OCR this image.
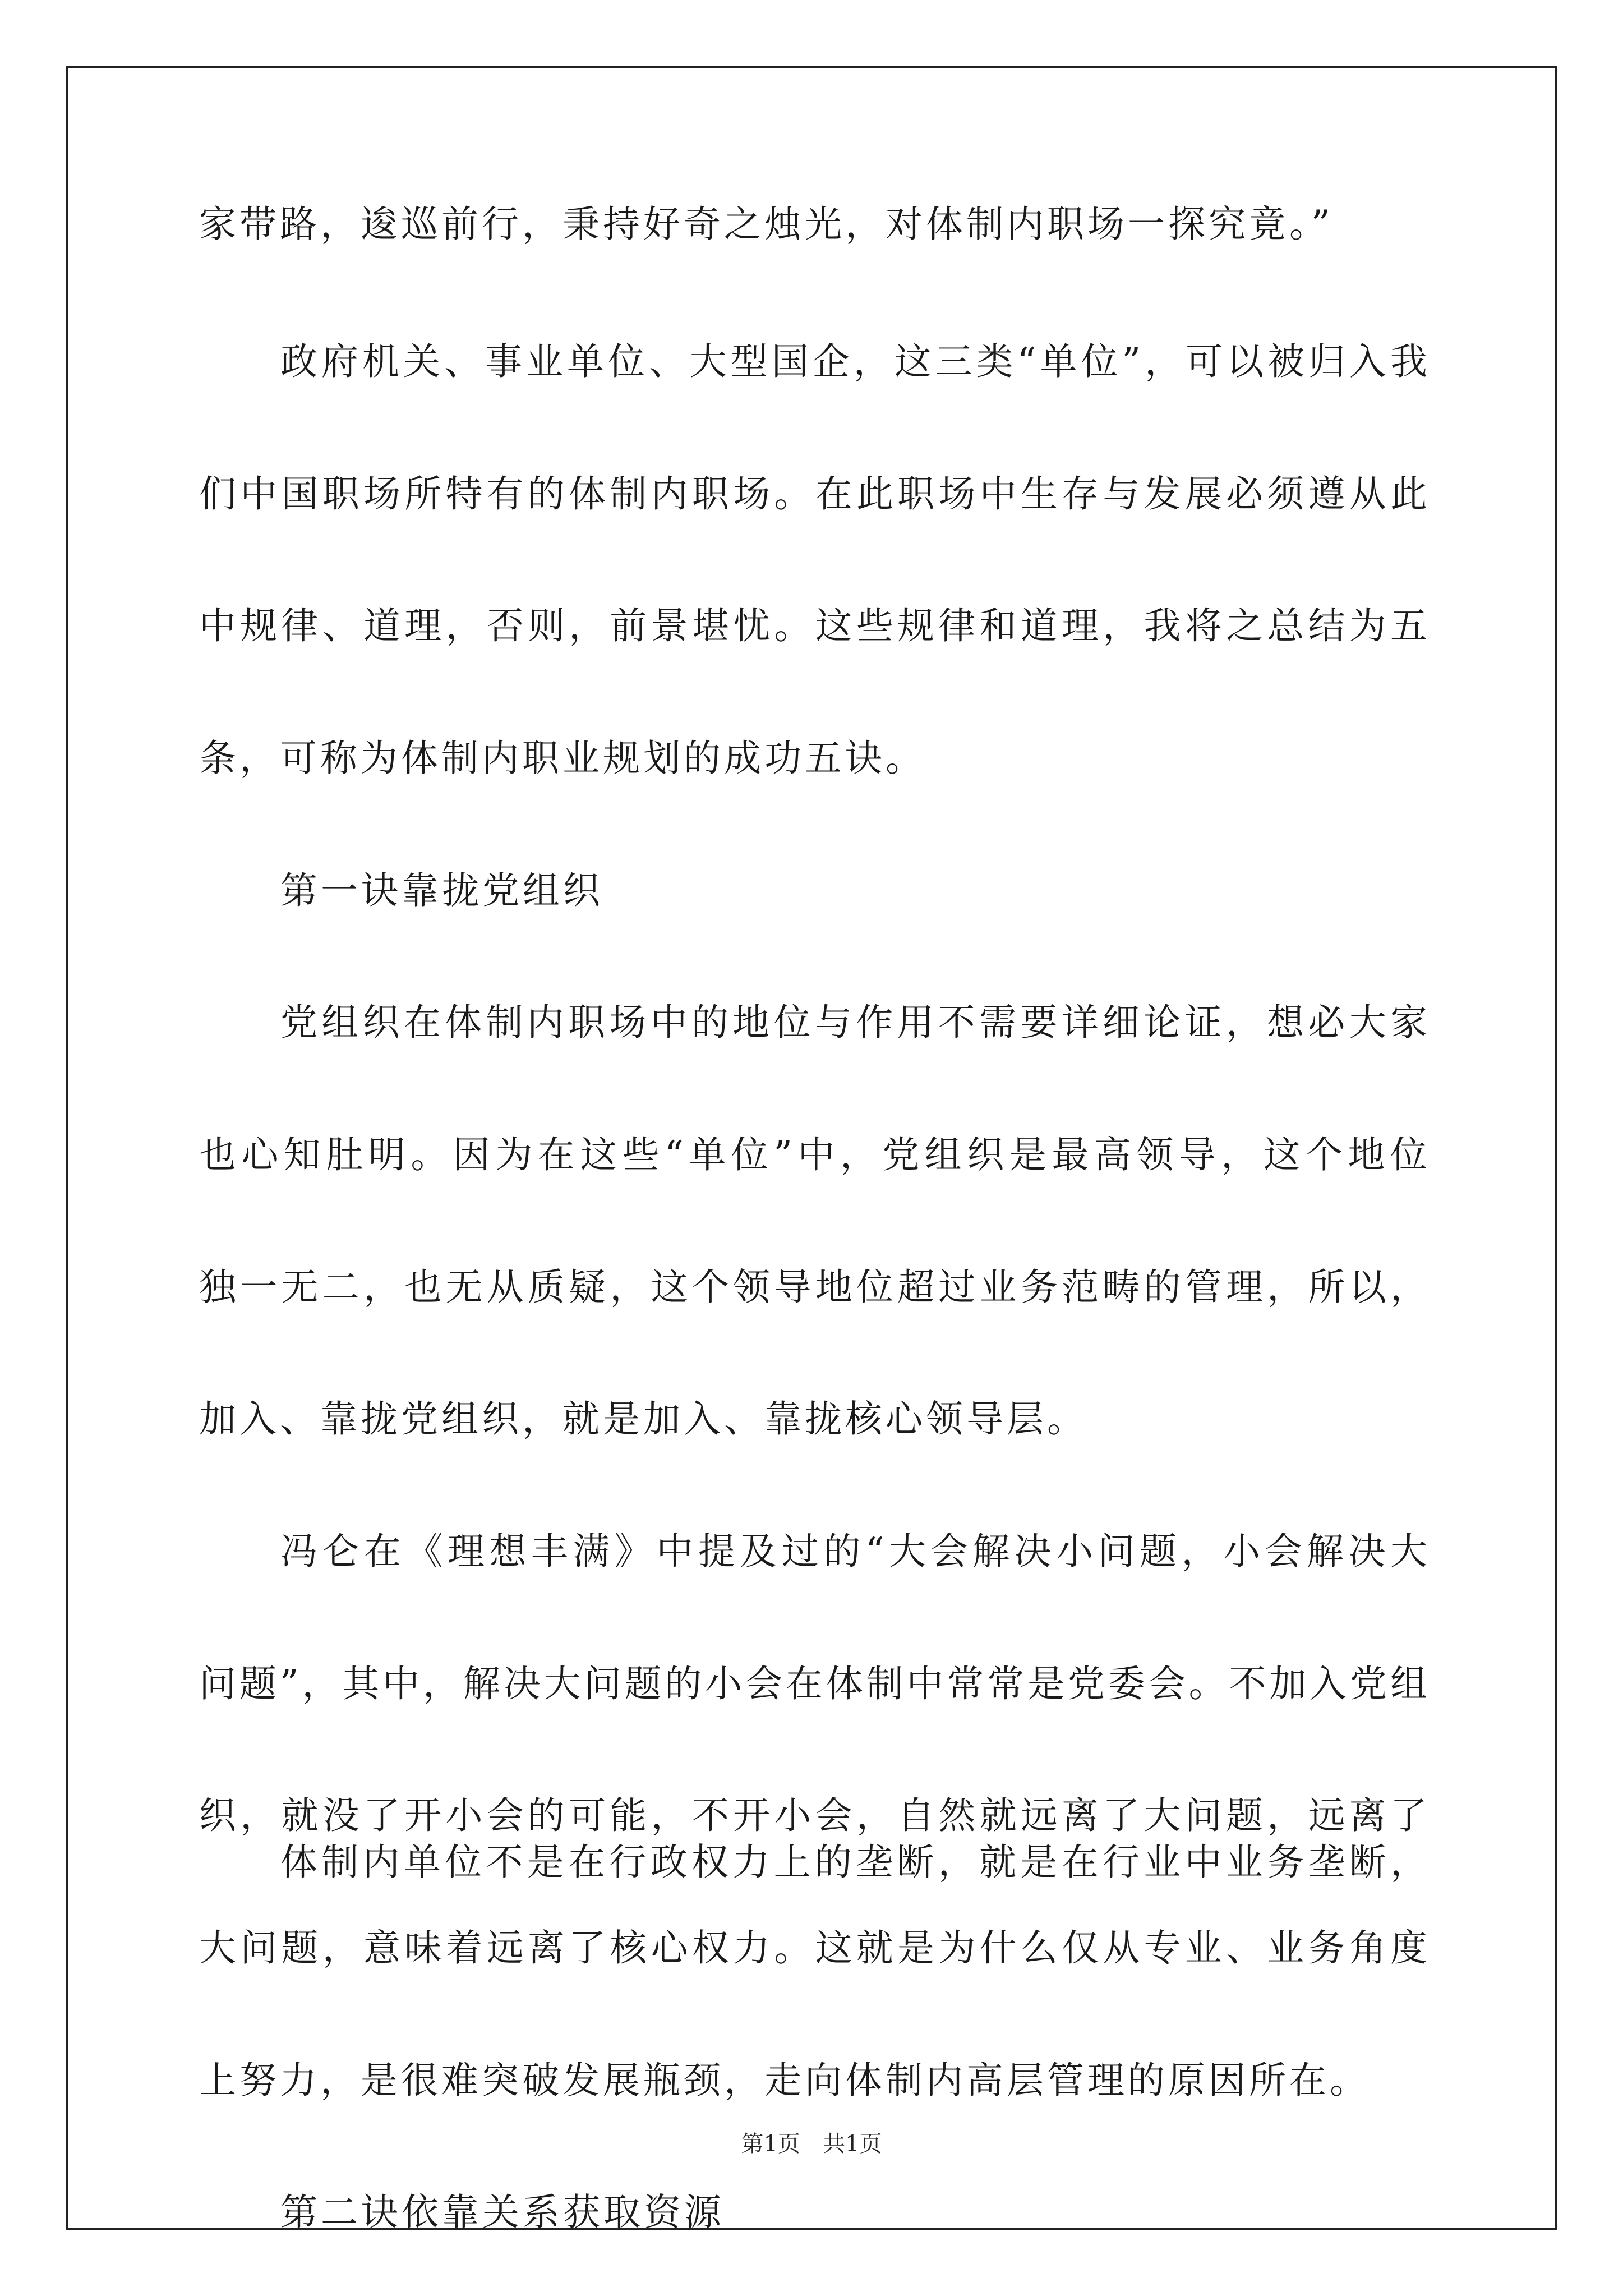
家带路，逡巡前行，秉持好奇之烛光，对体制内职场一探究竟。”
政府机关、事业单位、大型国企，这三类“单位”，可以被归入我
们中国职场所特有的体制内职场。在此职场中生存与发展必须遵从此
中规律、道理，否则，前景堪忧。这些规律和道理，我将之总结为五
条，可称为体制内职业规划的成功五诀。
第一诀靠拢党组织
党组织在体制内职场中的地位与作用不需要详细论证，想必大家
也心知肚明。因为在这些“单位”中，党组织是最高领导，这个地位
独一无二，也无从质疑，这个领导地位超过业务范畴的管理，所以，
加入、靠拢党组织，就是加入、靠拢核心领导层。
冯仑在《理想丰满》中提及过的“大会解决小问题，小会解决大
问题”，其中，解决大问题的小会在体制中常常是党委会。不加入党组
织，就没了开小会的可能，不开小会，自然就远离了大问题，远离了
大问题，意味着远离了核心权力。这就是为什么仅从专业、业务角度
上努力，是很难突破发展瓶颈，走向体制内高层管理的原因所在。
第二诀依靠关系获取资源
体制内单位不是在行政权力上的垄断，就是在行业中业务垄断，
第1页　共1页
